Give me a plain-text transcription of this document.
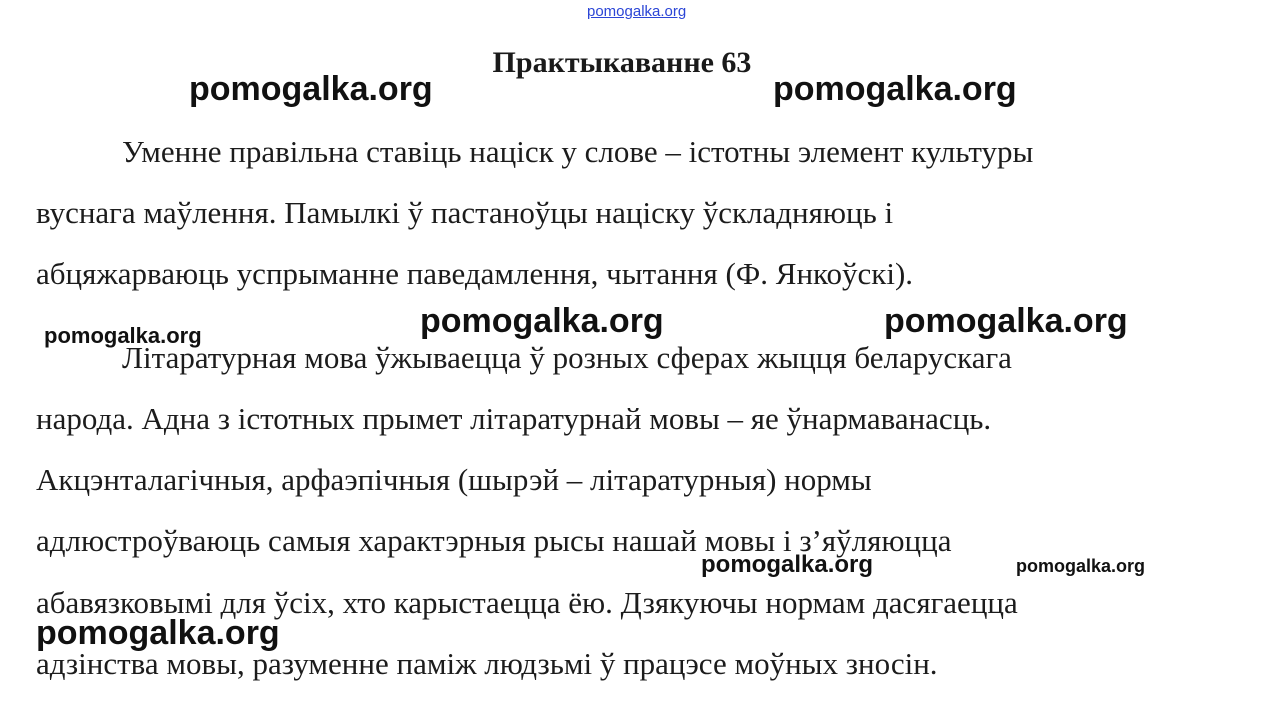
pomogalka.org
Практыкаванне 63

Уменне правільна ставіць націск у слове – істотны элемент культуры

вуснага маўлення. Памылкі ў пастаноўцы націску ўскладняюць і

абцяжарваюць успрыманне паведамлення, чытання (Ф. Янкоўскі).

Літаратурная мова ўжываецца ў розных сферах жыцця беларускага

народа. Адна з істотных прымет літаратурнай мовы – яе ўнармаванасць.

Акцэнталагічныя, арфаэпічныя (шырэй – літаратурныя) нормы

адлюстроўваюць самыя характэрныя рысы нашай мовы і з’яўляюцца

абавязковымі для ўсіх, хто карыстаецца ёю. Дзякуючы нормам дасягаецца

адзінства мовы, разуменне паміж людзьмі ў працэсе моўных зносін.

pomogalka.org	pomogalka.org
pomogalka.org	pomogalka.org	pomogalka.org
pomogalka.org	pomogalka.org
pomogalka.org
